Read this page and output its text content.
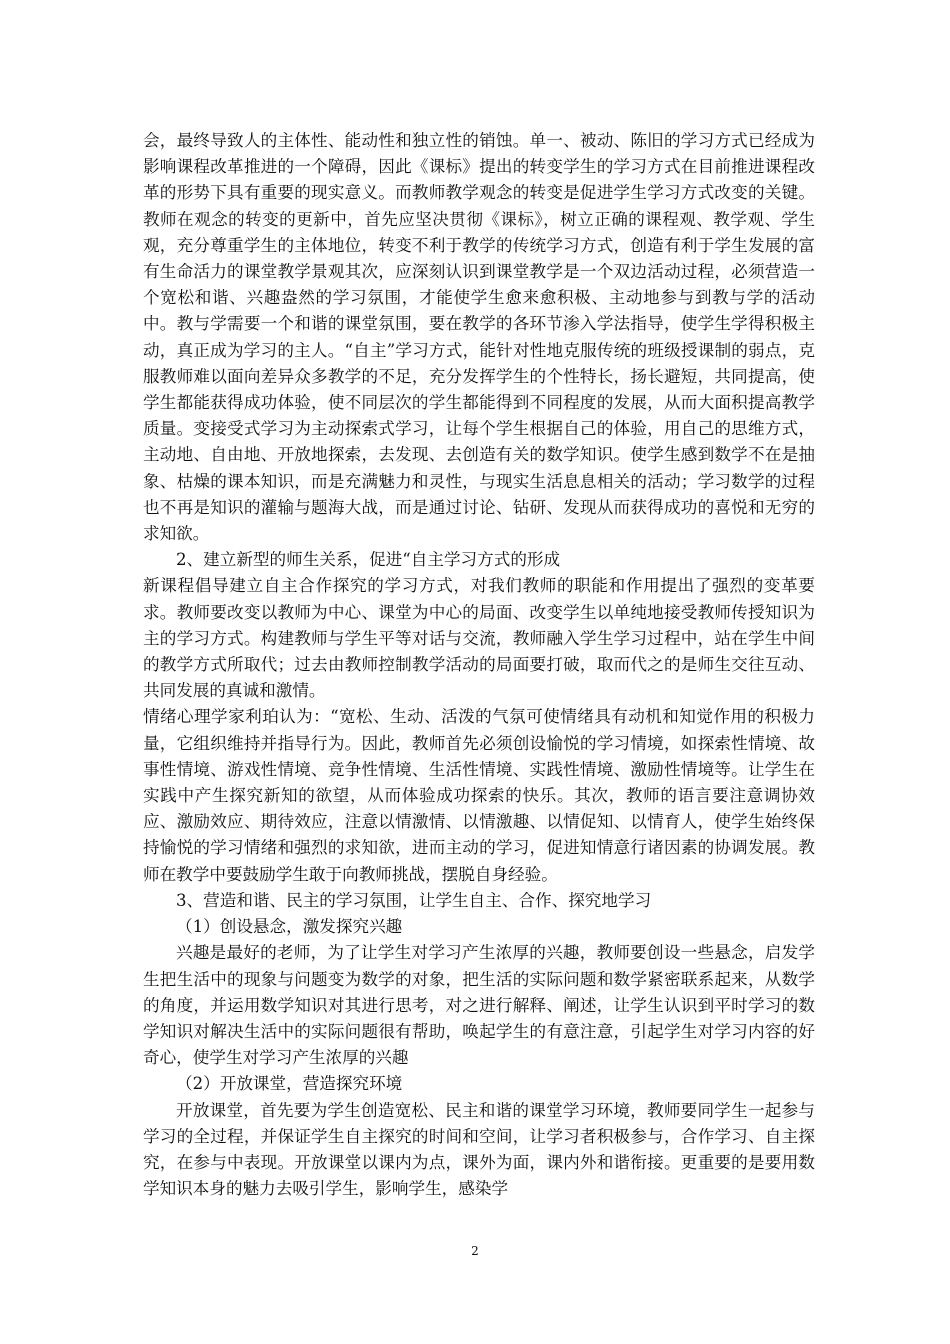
会，最终导致人的主体性、能动性和独立性的销蚀。单一、被动、陈旧的学习方式已经成为影响课程改革推进的一个障碍，因此《课标》提出的转变学生的学习方式在目前推进课程改革的形势下具有重要的现实意义。而教师教学观念的转变是促进学生学习方式改变的关键。教师在观念的转变的更新中，首先应坚决贯彻《课标》，树立正确的课程观、教学观、学生观，充分尊重学生的主体地位，转变不利于教学的传统学习方式，创造有利于学生发展的富有生命活力的课堂教学景观其次，应深刻认识到课堂教学是一个双边活动过程，必须营造一个宽松和谐、兴趣盎然的学习氛围，才能使学生愈来愈积极、主动地参与到教与学的活动中。教与学需要一个和谐的课堂氛围，要在教学的各环节渗入学法指导，使学生学得积极主动，真正成为学习的主人。“自主”学习方式，能针对性地克服传统的班级授课制的弱点，克服教师难以面向差异众多教学的不足，充分发挥学生的个性特长，扬长避短，共同提高，使学生都能获得成功体验，使不同层次的学生都能得到不同程度的发展，从而大面积提高教学质量。变接受式学习为主动探索式学习，让每个学生根据自己的体验，用自己的思维方式，主动地、自由地、开放地探索，去发现、去创造有关的数学知识。使学生感到数学不在是抽象、枯燥的课本知识，而是充满魅力和灵性，与现实生活息息相关的活动；学习数学的过程也不再是知识的灌输与题海大战，而是通过讨论、钻研、发现从而获得成功的喜悦和无穷的求知欲。

2、建立新型的师生关系，促进“自主学习方式的形成

新课程倡导建立自主合作探究的学习方式，对我们教师的职能和作用提出了强烈的变革要求。教师要改变以教师为中心、课堂为中心的局面、改变学生以单纯地接受教师传授知识为主的学习方式。构建教师与学生平等对话与交流，教师融入学生学习过程中，站在学生中间的教学方式所取代；过去由教师控制教学活动的局面要打破，取而代之的是师生交往互动、共同发展的真诚和激情。

情绪心理学家利珀认为：“宽松、生动、活泼的气氛可使情绪具有动机和知觉作用的积极力量，它组织维持并指导行为。因此，教师首先必须创设愉悦的学习情境，如探索性情境、故事性情境、游戏性情境、竞争性情境、生活性情境、实践性情境、激励性情境等。让学生在实践中产生探究新知的欲望，从而体验成功探索的快乐。其次，教师的语言要注意调协效应、激励效应、期待效应，注意以情激情、以情激趣、以情促知、以情育人，使学生始终保持愉悦的学习情绪和强烈的求知欲，进而主动的学习，促进知情意行诸因素的协调发展。教师在教学中要鼓励学生敢于向教师挑战，摆脱自身经验。

3、营造和谐、民主的学习氛围，让学生自主、合作、探究地学习

（1）创设悬念，激发探究兴趣

兴趣是最好的老师，为了让学生对学习产生浓厚的兴趣，教师要创设一些悬念，启发学生把生活中的现象与问题变为数学的对象，把生活的实际问题和数学紧密联系起来，从数学的角度，并运用数学知识对其进行思考，对之进行解释、阐述，让学生认识到平时学习的数学知识对解决生活中的实际问题很有帮助，唤起学生的有意注意，引起学生对学习内容的好奇心，使学生对学习产生浓厚的兴趣

（2）开放课堂，营造探究环境

开放课堂，首先要为学生创造宽松、民主和谐的课堂学习环境，教师要同学生一起参与学习的全过程，并保证学生自主探究的时间和空间，让学习者积极参与，合作学习、自主探究，在参与中表现。开放课堂以课内为点，课外为面，课内外和谐衔接。更重要的是要用数学知识本身的魅力去吸引学生，影响学生，感染学

2
